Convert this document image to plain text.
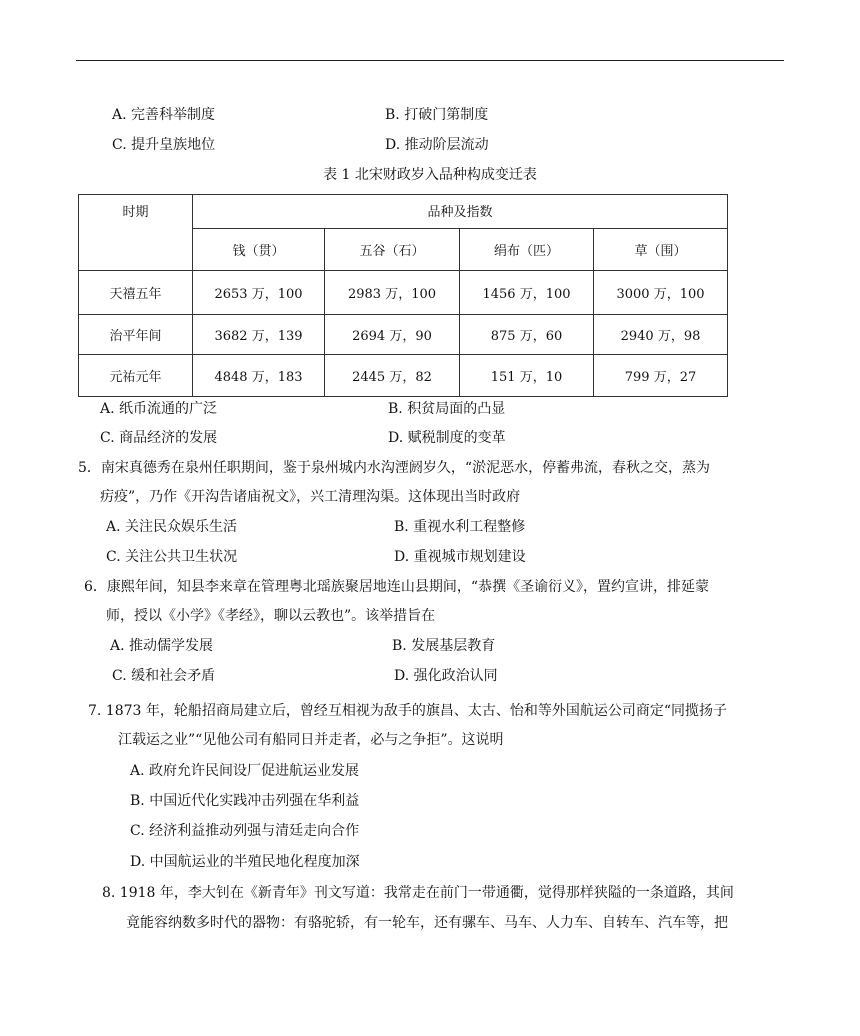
A. 完善科举制度	B. 打破门第制度
C. 提升皇族地位	D. 推动阶层流动
表 1 北宋财政岁入品种构成变迁表
时期	品种及指数			
	钱（贯）	五谷（石）	绢布（匹）	草（围）
天禧五年	2653 万，100	2983 万，100	1456 万，100	3000 万，100
治平年间	3682 万，139	2694 万，90	875 万，60	2940 万，98
元祐元年	4848 万，183	2445 万，82	151 万，10	799 万，27
A. 纸币流通的广泛	B. 积贫局面的凸显
C. 商品经济的发展	D. 赋税制度的变革
5．南宋真德秀在泉州任职期间，鉴于泉州城内水沟湮阏岁久，“淤泥恶水，停蓄弗流，春秋之交，蒸为
疠疫”，乃作《开沟告诸庙祝文》，兴工清理沟渠。这体现出当时政府
A. 关注民众娱乐生活	B. 重视水利工程整修
C. 关注公共卫生状况	D. 重视城市规划建设
6．康熙年间，知县李来章在管理粤北瑶族聚居地连山县期间，“恭撰《圣谕衍义》，置约宣讲，排延蒙
师，授以《小学》《孝经》，聊以云教也”。该举措旨在
A. 推动儒学发展	B. 发展基层教育
C. 缓和社会矛盾	D. 强化政治认同
7. 1873 年，轮船招商局建立后，曾经互相视为敌手的旗昌、太古、怡和等外国航运公司商定“同揽扬子
江载运之业”“见他公司有船同日并走者，必与之争拒”。这说明
A. 政府允许民间设厂促进航运业发展
B. 中国近代化实践冲击列强在华利益
C. 经济利益推动列强与清廷走向合作
D. 中国航运业的半殖民地化程度加深
8. 1918 年，李大钊在《新青年》刊文写道：我常走在前门一带通衢，觉得那样狭隘的一条道路，其间
竟能容纳数多时代的器物：有骆驼轿，有一轮车，还有骡车、马车、人力车、自转车、汽车等，把
